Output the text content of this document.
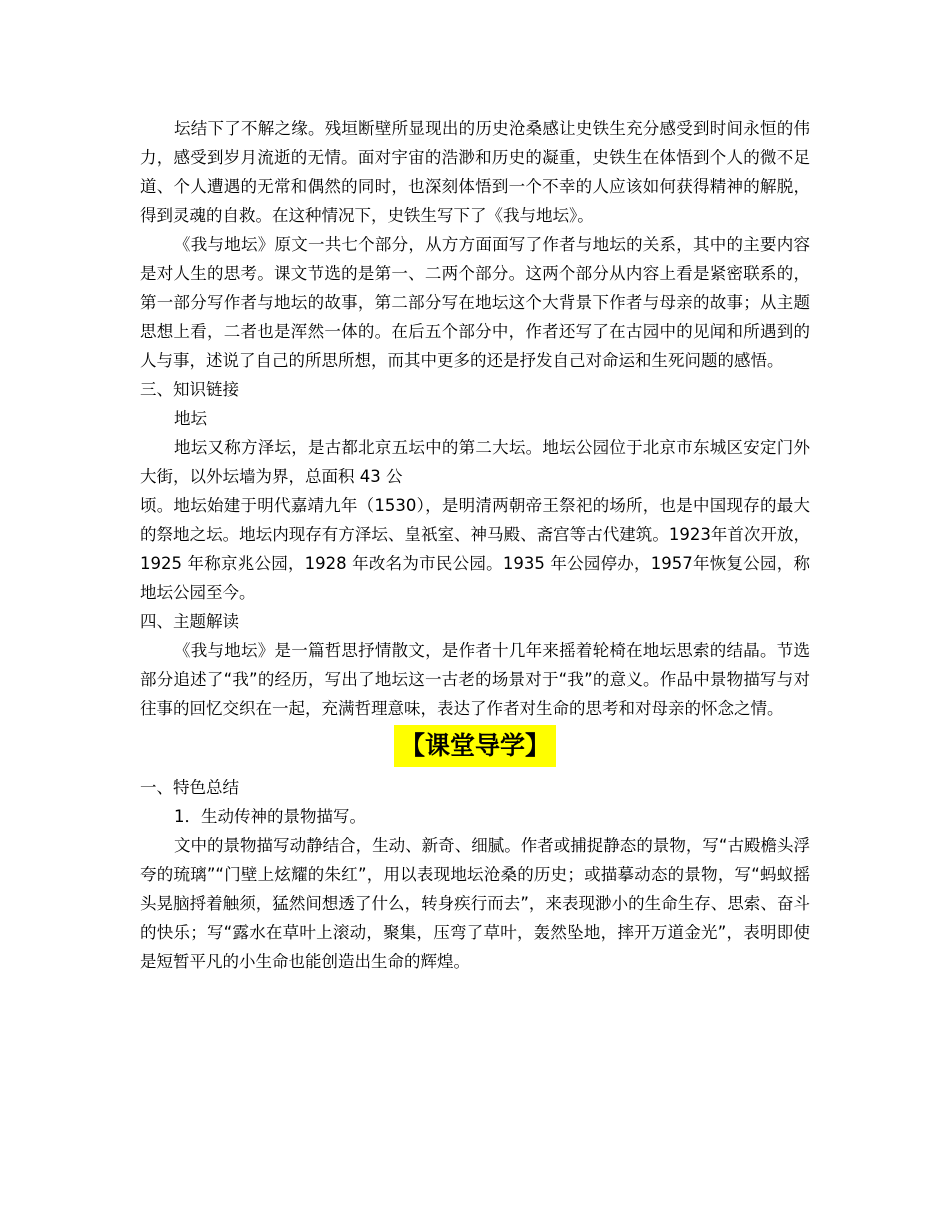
坛结下了不解之缘。残垣断壁所显现出的历史沧桑感让史铁生充分感受到时间永恒的伟力，感受到岁月流逝的无情。面对宇宙的浩渺和历史的凝重，史铁生在体悟到个人的微不足道、个人遭遇的无常和偶然的同时，也深刻体悟到一个不幸的人应该如何获得精神的解脱，得到灵魂的自救。在这种情况下，史铁生写下了《我与地坛》。

《我与地坛》原文一共七个部分，从方方面面写了作者与地坛的关系，其中的主要内容是对人生的思考。课文节选的是第一、二两个部分。这两个部分从内容上看是紧密联系的，第一部分写作者与地坛的故事，第二部分写在地坛这个大背景下作者与母亲的故事；从主题思想上看，二者也是浑然一体的。在后五个部分中，作者还写了在古园中的见闻和所遇到的人与事，述说了自己的所思所想，而其中更多的还是抒发自己对命运和生死问题的感悟。

三、知识链接

地坛

地坛又称方泽坛，是古都北京五坛中的第二大坛。地坛公园位于北京市东城区安定门外大街，以外坛墙为界，总面积 43 公

顷。地坛始建于明代嘉靖九年（1530），是明清两朝帝王祭祀的场所，也是中国现存的最大的祭地之坛。地坛内现存有方泽坛、皇祇室、神马殿、斋宫等古代建筑。1923年首次开放，1925 年称京兆公园，1928 年改名为市民公园。1935 年公园停办，1957年恢复公园，称地坛公园至今。

四、主题解读

《我与地坛》是一篇哲思抒情散文，是作者十几年来摇着轮椅在地坛思索的结晶。节选部分追述了“我”的经历，写出了地坛这一古老的场景对于“我”的意义。作品中景物描写与对往事的回忆交织在一起，充满哲理意味，表达了作者对生命的思考和对母亲的怀念之情。

【课堂导学】

一、特色总结

1．生动传神的景物描写。

文中的景物描写动静结合，生动、新奇、细腻。作者或捕捉静态的景物，写“古殿檐头浮夸的琉璃”“门壁上炫耀的朱红”，用以表现地坛沧桑的历史；或描摹动态的景物，写“蚂蚁摇头晃脑捋着触须，猛然间想透了什么，转身疾行而去”，来表现渺小的生命生存、思索、奋斗的快乐；写“露水在草叶上滚动，聚集，压弯了草叶，轰然坠地，摔开万道金光”，表明即使是短暂平凡的小生命也能创造出生命的辉煌。
